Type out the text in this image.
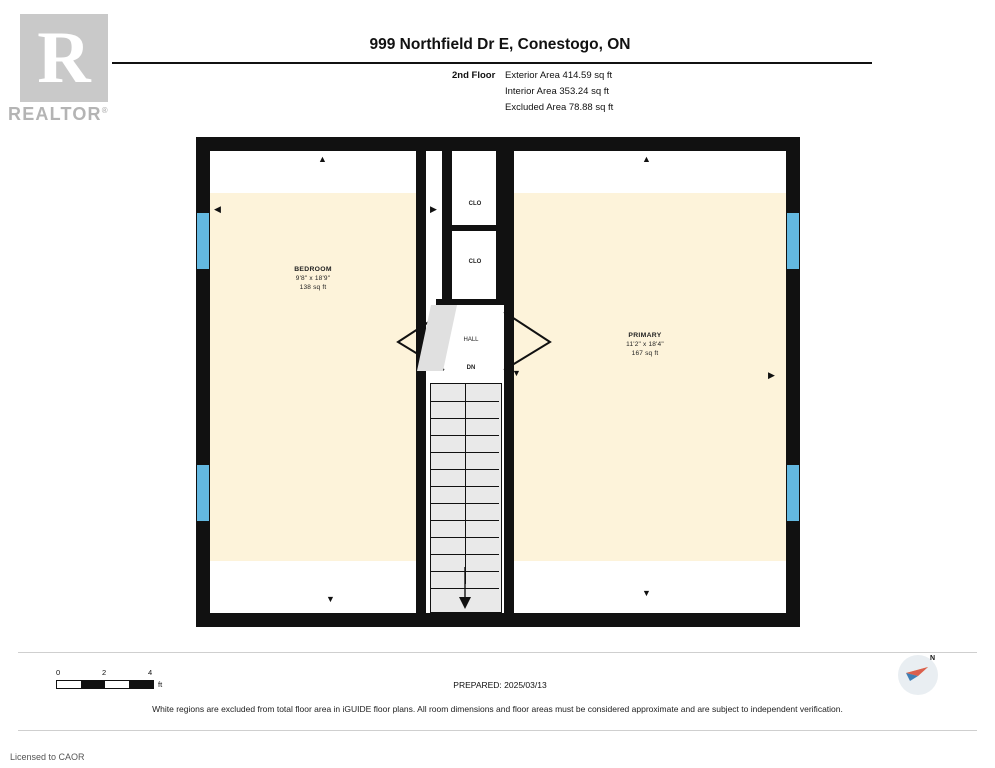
R
REALTOR®
999 Northfield Dr E, Conestogo, ON
2nd Floor Exterior Area 414.59 sq ft
Interior Area 353.24 sq ft
Excluded Area 78.88 sq ft
CLO
CLO
HALL
DN
▲	▲
◀	▶
▶
▼
▼
▼
BEDROOM
9'8" x 18'9"
138 sq ft
PRIMARY
11'2" x 18'4"
167 sq ft
0	2	4
ft	PREPARED: 2025/03/13
N
White regions are excluded from total floor area in iGUIDE floor plans. All room dimensions and floor areas must be considered approximate and are subject to independent verification.
Licensed to CAOR
